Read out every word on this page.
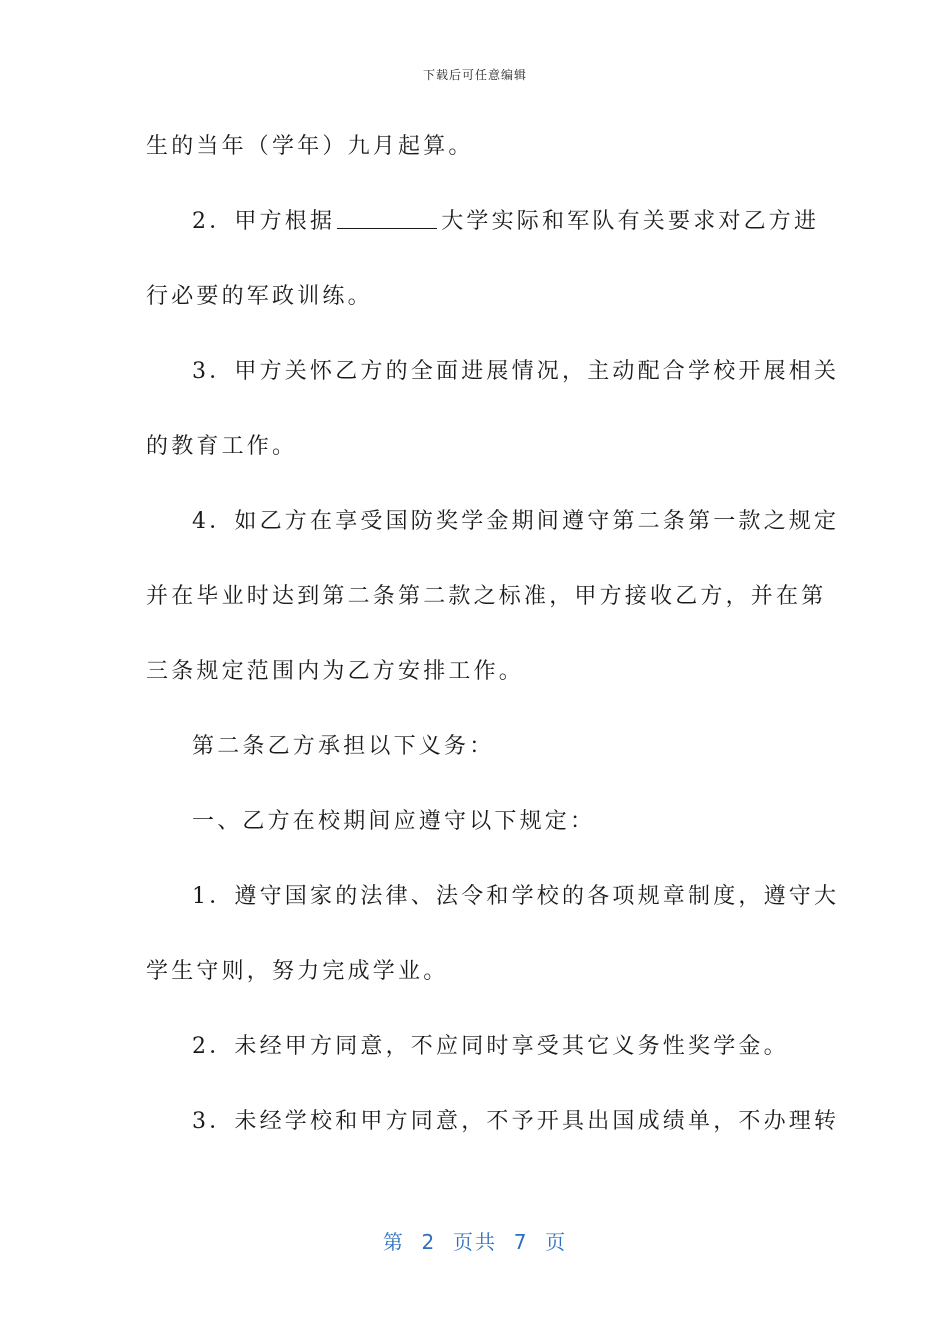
下载后可任意编辑
生的当年（学年）九月起算。
2．甲方根据	大学实际和军队有关要求对乙方进
行必要的军政训练。
3．甲方关怀乙方的全面进展情况，主动配合学校开展相关
的教育工作。
4．如乙方在享受国防奖学金期间遵守第二条第一款之规定
并在毕业时达到第二条第二款之标准，甲方接收乙方，并在第
三条规定范围内为乙方安排工作。
第二条乙方承担以下义务：
一、乙方在校期间应遵守以下规定：
1．遵守国家的法律、法令和学校的各项规章制度，遵守大
学生守则，努力完成学业。
2．未经甲方同意，不应同时享受其它义务性奖学金。
3．未经学校和甲方同意，不予开具出国成绩单，不办理转
第  2  页共  7  页
